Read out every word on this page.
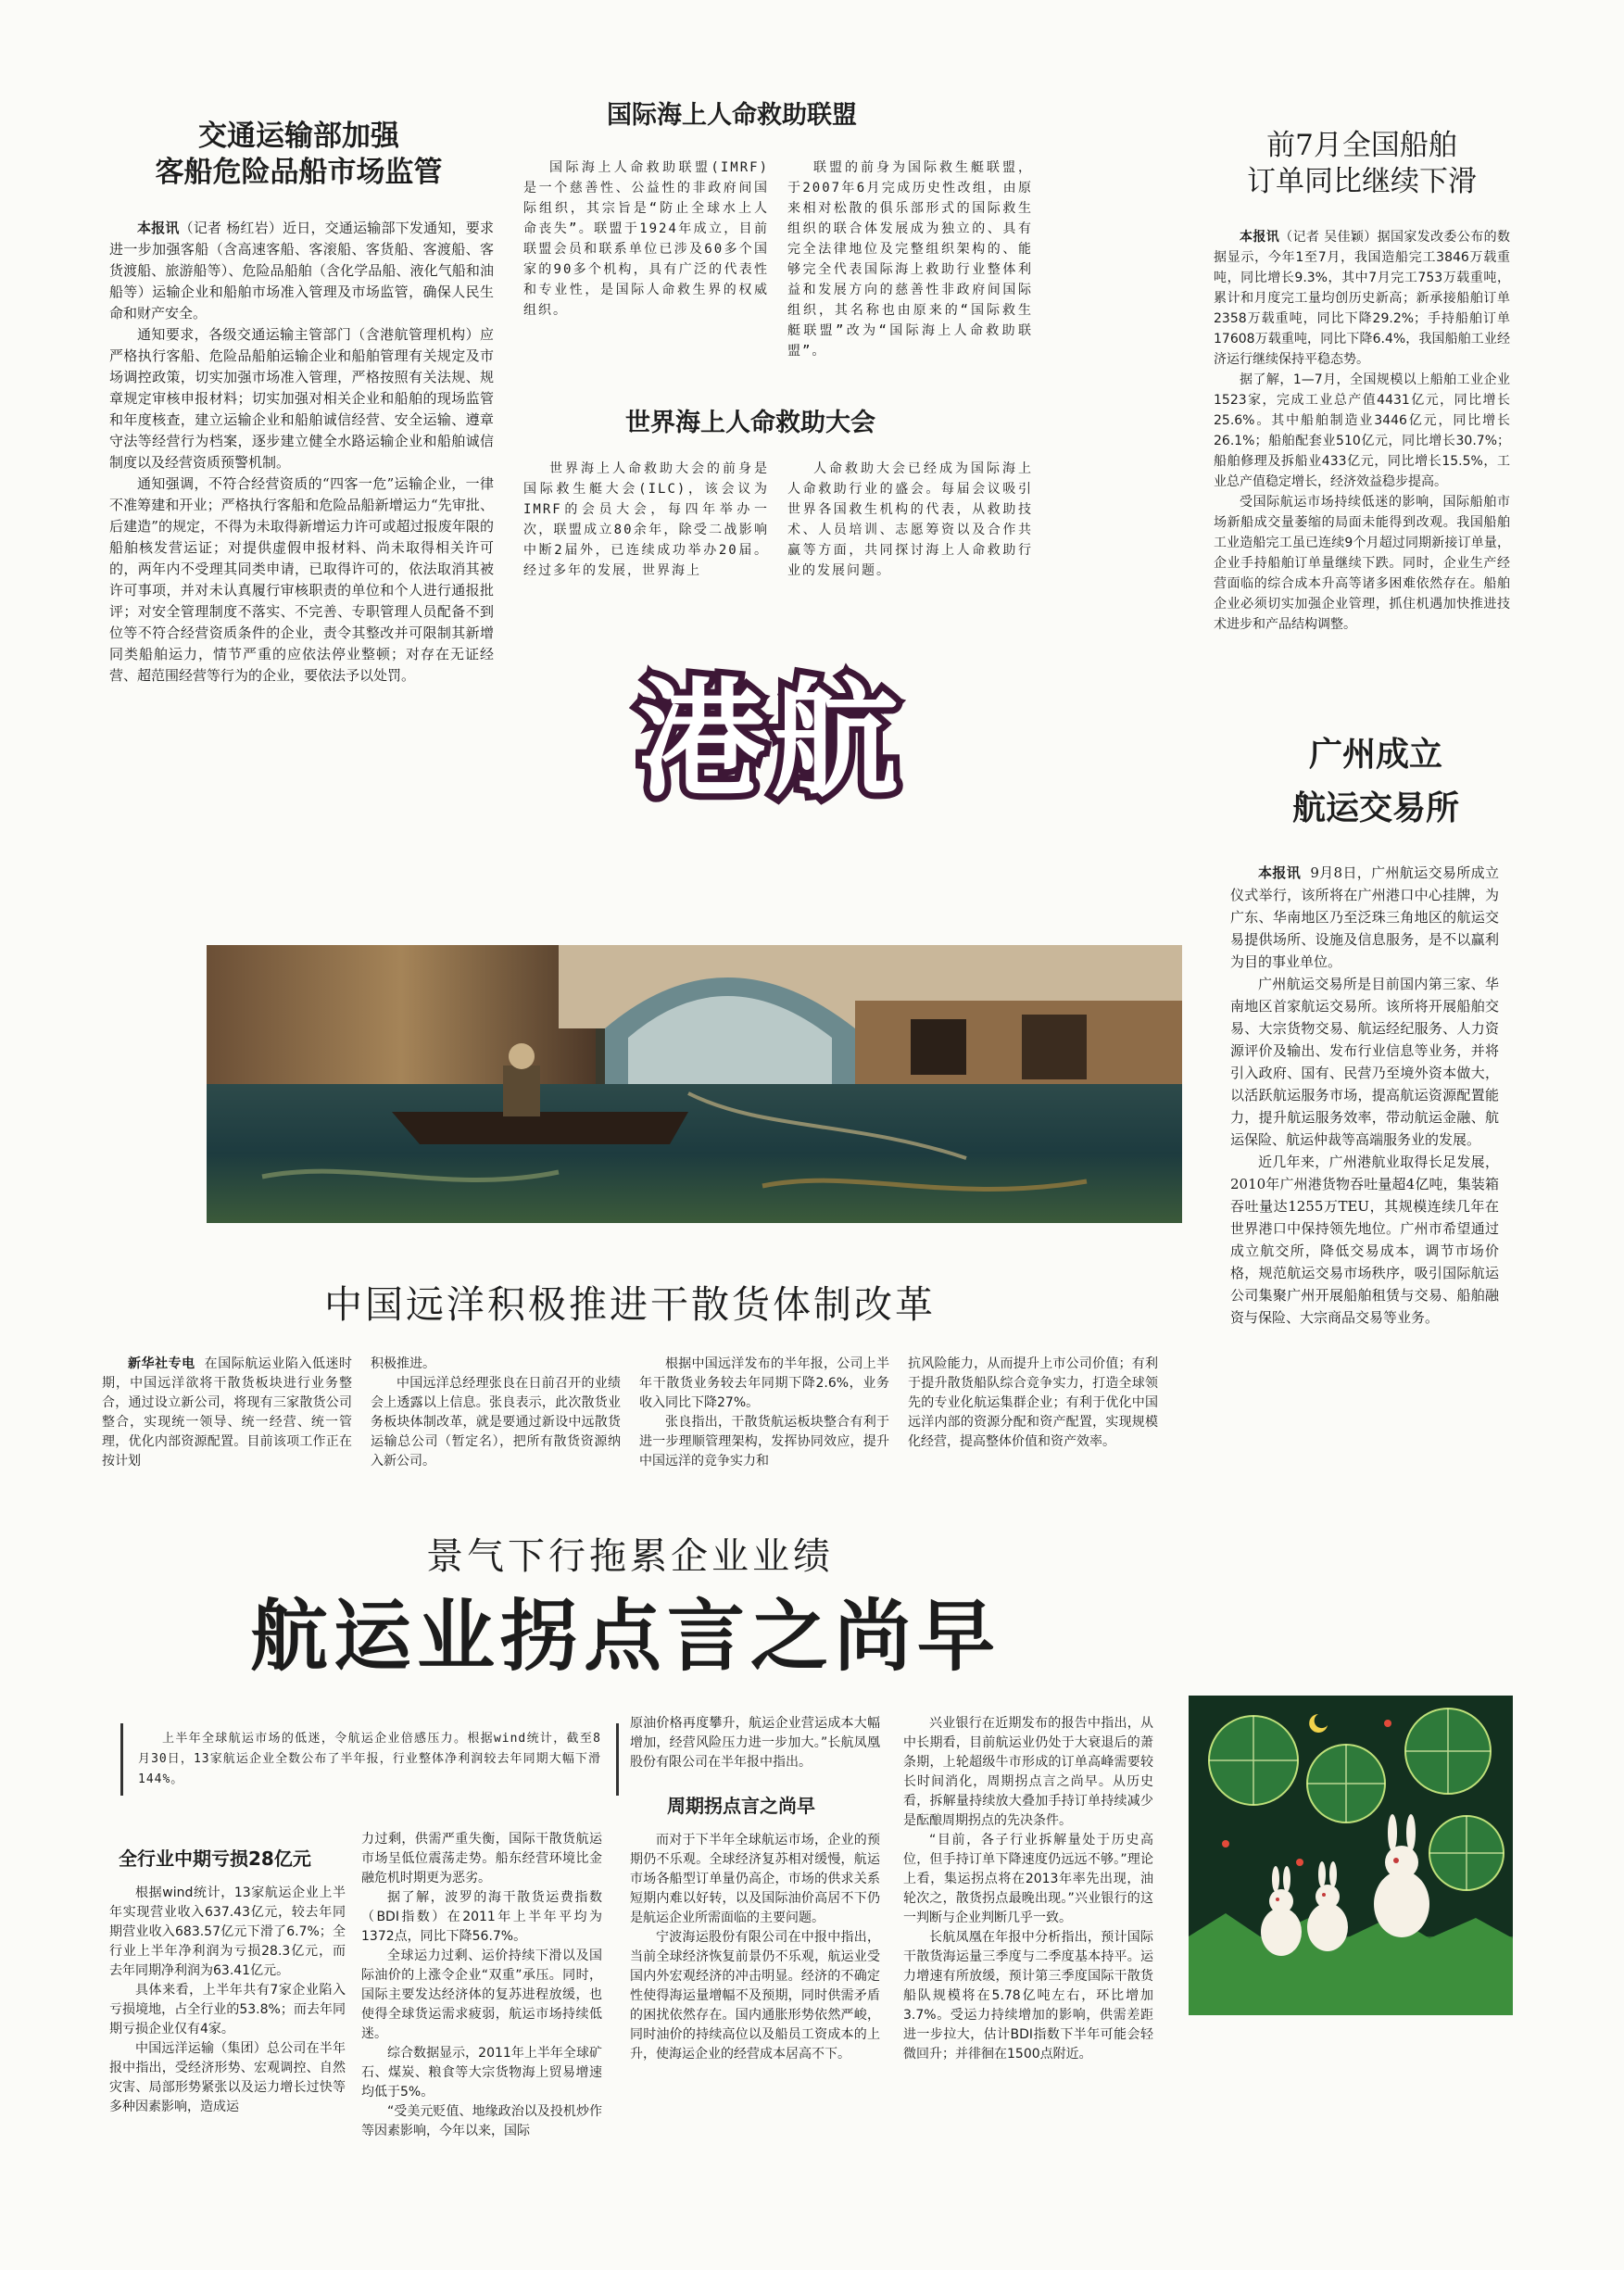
交通运输部加强
客船危险品船市场监管

本报讯（记者 杨红岩）近日，交通运输部下发通知，要求进一步加强客船（含高速客船、客滚船、客货船、客渡船、客货渡船、旅游船等）、危险品船舶（含化学品船、液化气船和油船等）运输企业和船舶市场准入管理及市场监管，确保人民生命和财产安全。

通知要求，各级交通运输主管部门（含港航管理机构）应严格执行客船、危险品船舶运输企业和船舶管理有关规定及市场调控政策，切实加强市场准入管理，严格按照有关法规、规章规定审核申报材料；切实加强对相关企业和船舶的现场监管和年度核查，建立运输企业和船舶诚信经营、安全运输、遵章守法等经营行为档案，逐步建立健全水路运输企业和船舶诚信制度以及经营资质预警机制。

通知强调，不符合经营资质的“四客一危”运输企业，一律不准筹建和开业；严格执行客船和危险品船新增运力“先审批、后建造”的规定，不得为未取得新增运力许可或超过报废年限的船舶核发营运证；对提供虚假申报材料、尚未取得相关许可的，两年内不受理其同类申请，已取得许可的，依法取消其被许可事项，并对未认真履行审核职责的单位和个人进行通报批评；对安全管理制度不落实、不完善、专职管理人员配备不到位等不符合经营资质条件的企业，责令其整改并可限制其新增同类船舶运力，情节严重的应依法停业整顿；对存在无证经营、超范围经营等行为的企业，要依法予以处罚。

国际海上人命救助联盟

国际海上人命救助联盟(IMRF)是一个慈善性、公益性的非政府间国际组织，其宗旨是“防止全球水上人命丧失”。联盟于1924年成立，目前联盟会员和联系单位已涉及60多个国家的90多个机构，具有广泛的代表性和专业性，是国际人命救生界的权威组织。

联盟的前身为国际救生艇联盟，于2007年6月完成历史性改组，由原来相对松散的俱乐部形式的国际救生组织的联合体发展成为独立的、具有完全法律地位及完整组织架构的、能够完全代表国际海上救助行业整体利益和发展方向的慈善性非政府间国际组织，其名称也由原来的“国际救生艇联盟”改为“国际海上人命救助联盟”。

世界海上人命救助大会

世界海上人命救助大会的前身是国际救生艇大会(ILC)，该会议为IMRF的会员大会，每四年举办一次，联盟成立80余年，除受二战影响中断2届外，已连续成功举办20届。经过多年的发展，世界海上

人命救助大会已经成为国际海上人命救助行业的盛会。每届会议吸引世界各国救生机构的代表，从救助技术、人员培训、志愿筹资以及合作共赢等方面，共同探讨海上人命救助行业的发展问题。

港航
前7月全国船舶
订单同比继续下滑

本报讯（记者 吴佳颖）据国家发改委公布的数据显示，今年1至7月，我国造船完工3846万载重吨，同比增长9.3%，其中7月完工753万载重吨，累计和月度完工量均创历史新高；新承接船舶订单2358万载重吨，同比下降29.2%；手持船舶订单17608万载重吨，同比下降6.4%，我国船舶工业经济运行继续保持平稳态势。

据了解，1—7月，全国规模以上船舶工业企业1523家，完成工业总产值4431亿元，同比增长25.6%。其中船舶制造业3446亿元，同比增长26.1%；船舶配套业510亿元，同比增长30.7%；船舶修理及拆船业433亿元，同比增长15.5%，工业总产值稳定增长，经济效益稳步提高。

受国际航运市场持续低迷的影响，国际船舶市场新船成交量萎缩的局面未能得到改观。我国船舶工业造船完工虽已连续9个月超过同期新接订单量，企业手持船舶订单量继续下跌。同时，企业生产经营面临的综合成本升高等诸多困难依然存在。船舶企业必须切实加强企业管理，抓住机遇加快推进技术进步和产品结构调整。

广州成立
航运交易所

本报讯 9月8日，广州航运交易所成立仪式举行，该所将在广州港口中心挂牌，为广东、华南地区乃至泛珠三角地区的航运交易提供场所、设施及信息服务，是不以赢利为目的事业单位。

广州航运交易所是目前国内第三家、华南地区首家航运交易所。该所将开展船舶交易、大宗货物交易、航运经纪服务、人力资源评价及输出、发布行业信息等业务，并将引入政府、国有、民营乃至境外资本做大，以活跃航运服务市场，提高航运资源配置能力，提升航运服务效率，带动航运金融、航运保险、航运仲裁等高端服务业的发展。

近几年来，广州港航业取得长足发展，2010年广州港货物吞吐量超4亿吨，集装箱吞吐量达1255万TEU，其规模连续几年在世界港口中保持领先地位。广州市希望通过成立航交所，降低交易成本，调节市场价格，规范航运交易市场秩序，吸引国际航运公司集聚广州开展船舶租赁与交易、船舶融资与保险、大宗商品交易等业务。

中国远洋积极推进干散货体制改革

新华社专电 在国际航运业陷入低迷时期，中国远洋欲将干散货板块进行业务整合，通过设立新公司，将现有三家散货公司整合，实现统一领导、统一经营、统一管理，优化内部资源配置。目前该项工作正在按计划

积极推进。

中国远洋总经理张良在日前召开的业绩会上透露以上信息。张良表示，此次散货业务板块体制改革，就是要通过新设中远散货运输总公司（暂定名），把所有散货资源纳入新公司。

根据中国远洋发布的半年报，公司上半年干散货业务较去年同期下降2.6%，业务收入同比下降27%。

张良指出，干散货航运板块整合有利于进一步理顺管理架构，发挥协同效应，提升中国远洋的竞争实力和

抗风险能力，从而提升上市公司价值；有利于提升散货船队综合竞争实力，打造全球领先的专业化航运集群企业；有利于优化中国远洋内部的资源分配和资产配置，实现规模化经营，提高整体价值和资产效率。
景气下行拖累企业业绩
航运业拐点言之尚早

上半年全球航运市场的低迷，令航运企业倍感压力。根据wind统计，截至8月30日，13家航运企业全数公布了半年报，行业整体净利润较去年同期大幅下滑144%。

全行业中期亏损28亿元

根据wind统计，13家航运企业上半年实现营业收入637.43亿元，较去年同期营业收入683.57亿元下滑了6.7%；全行业上半年净利润为亏损28.3亿元，而去年同期净利润为63.41亿元。

具体来看，上半年共有7家企业陷入亏损境地，占全行业的53.8%；而去年同期亏损企业仅有4家。

中国远洋运输（集团）总公司在半年报中指出，受经济形势、宏观调控、自然灾害、局部形势紧张以及运力增长过快等多种因素影响，造成运

力过剩，供需严重失衡，国际干散货航运市场呈低位震荡走势。船东经营环境比金融危机时期更为恶劣。

据了解，波罗的海干散货运费指数（BDI指数）在2011年上半年平均为1372点，同比下降56.7%。

全球运力过剩、运价持续下滑以及国际油价的上涨令企业“双重”承压。同时，国际主要发达经济体的复苏进程放缓，也使得全球货运需求疲弱，航运市场持续低迷。

综合数据显示，2011年上半年全球矿石、煤炭、粮食等大宗货物海上贸易增速均低于5%。

“受美元贬值、地缘政治以及投机炒作等因素影响，今年以来，国际

原油价格再度攀升，航运企业营运成本大幅增加，经营风险压力进一步加大。”长航凤凰股份有限公司在半年报中指出。
周期拐点言之尚早

而对于下半年全球航运市场，企业的预期仍不乐观。全球经济复苏相对缓慢，航运市场各船型订单量仍高企，市场的供求关系短期内难以好转，以及国际油价高居不下仍是航运企业所需面临的主要问题。

宁波海运股份有限公司在中报中指出，当前全球经济恢复前景仍不乐观，航运业受国内外宏观经济的冲击明显。经济的不确定性使得海运量增幅不及预期，同时供需矛盾的困扰依然存在。国内通胀形势依然严峻，同时油价的持续高位以及船员工资成本的上升，使海运企业的经营成本居高不下。

兴业银行在近期发布的报告中指出，从中长期看，目前航运业仍处于大衰退后的萧条期，上轮超级牛市形成的订单高峰需要较长时间消化，周期拐点言之尚早。从历史看，拆解量持续放大叠加手持订单持续减少是酝酿周期拐点的先决条件。

“目前，各子行业拆解量处于历史高位，但手持订单下降速度仍远远不够。”理论上看，集运拐点将在2013年率先出现，油轮次之，散货拐点最晚出现。”兴业银行的这一判断与企业判断几乎一致。

长航凤凰在年报中分析指出，预计国际干散货海运量三季度与二季度基本持平。运力增速有所放缓，预计第三季度国际干散货船队规模将在5.78亿吨左右，环比增加3.7%。受运力持续增加的影响，供需差距进一步拉大，估计BDI指数下半年可能会轻微回升；并徘徊在1500点附近。
